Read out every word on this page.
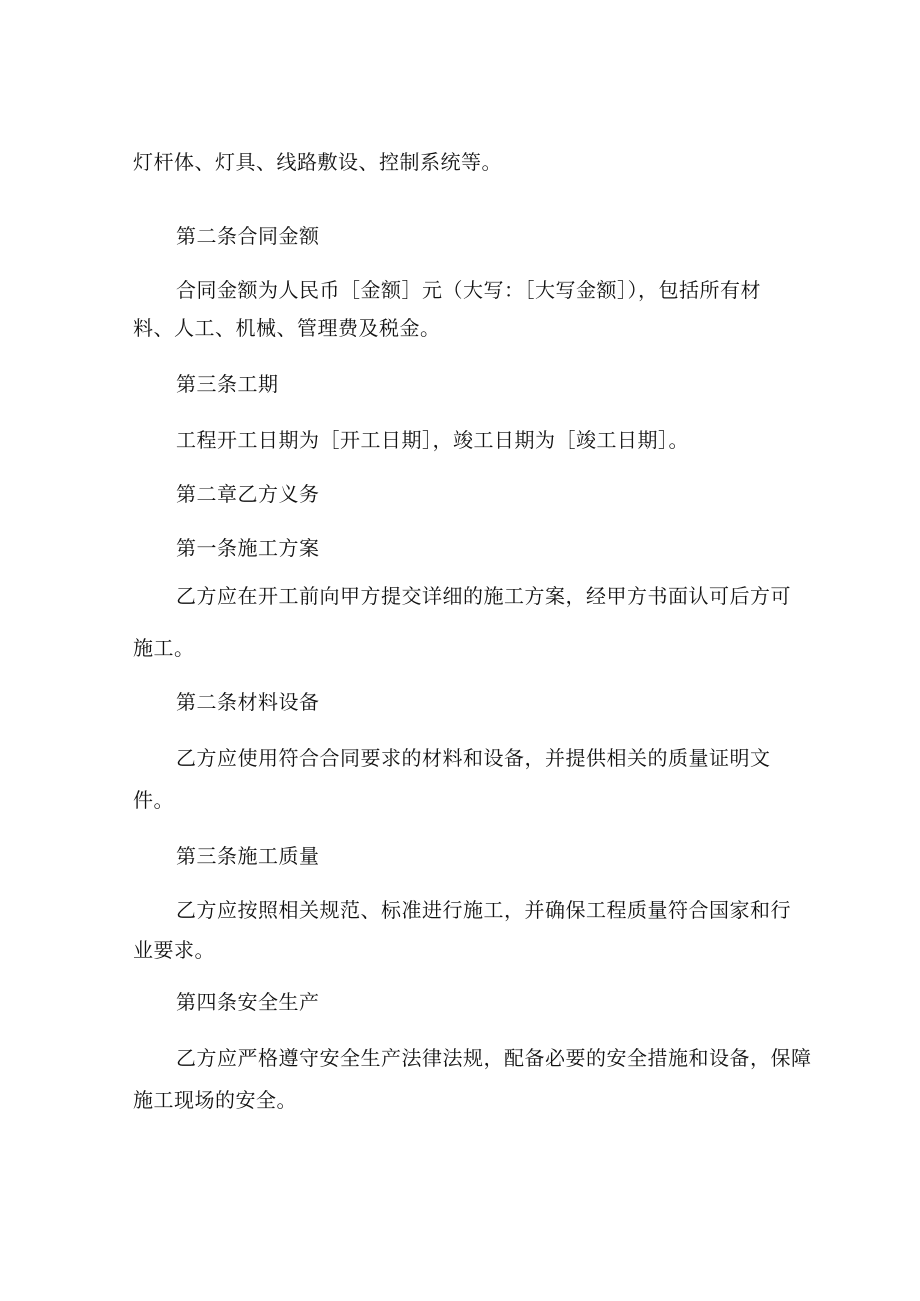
灯杆体、灯具、线路敷设、控制系统等。
第二条合同金额
合同金额为人民币［金额］元（大写：［大写金额］），包括所有材
料、人工、机械、管理费及税金。
第三条工期
工程开工日期为［开工日期］，竣工日期为［竣工日期］。
第二章乙方义务
第一条施工方案
乙方应在开工前向甲方提交详细的施工方案，经甲方书面认可后方可
施工。
第二条材料设备
乙方应使用符合合同要求的材料和设备，并提供相关的质量证明文
件。
第三条施工质量
乙方应按照相关规范、标准进行施工，并确保工程质量符合国家和行
业要求。
第四条安全生产
乙方应严格遵守安全生产法律法规，配备必要的安全措施和设备，保障
施工现场的安全。
